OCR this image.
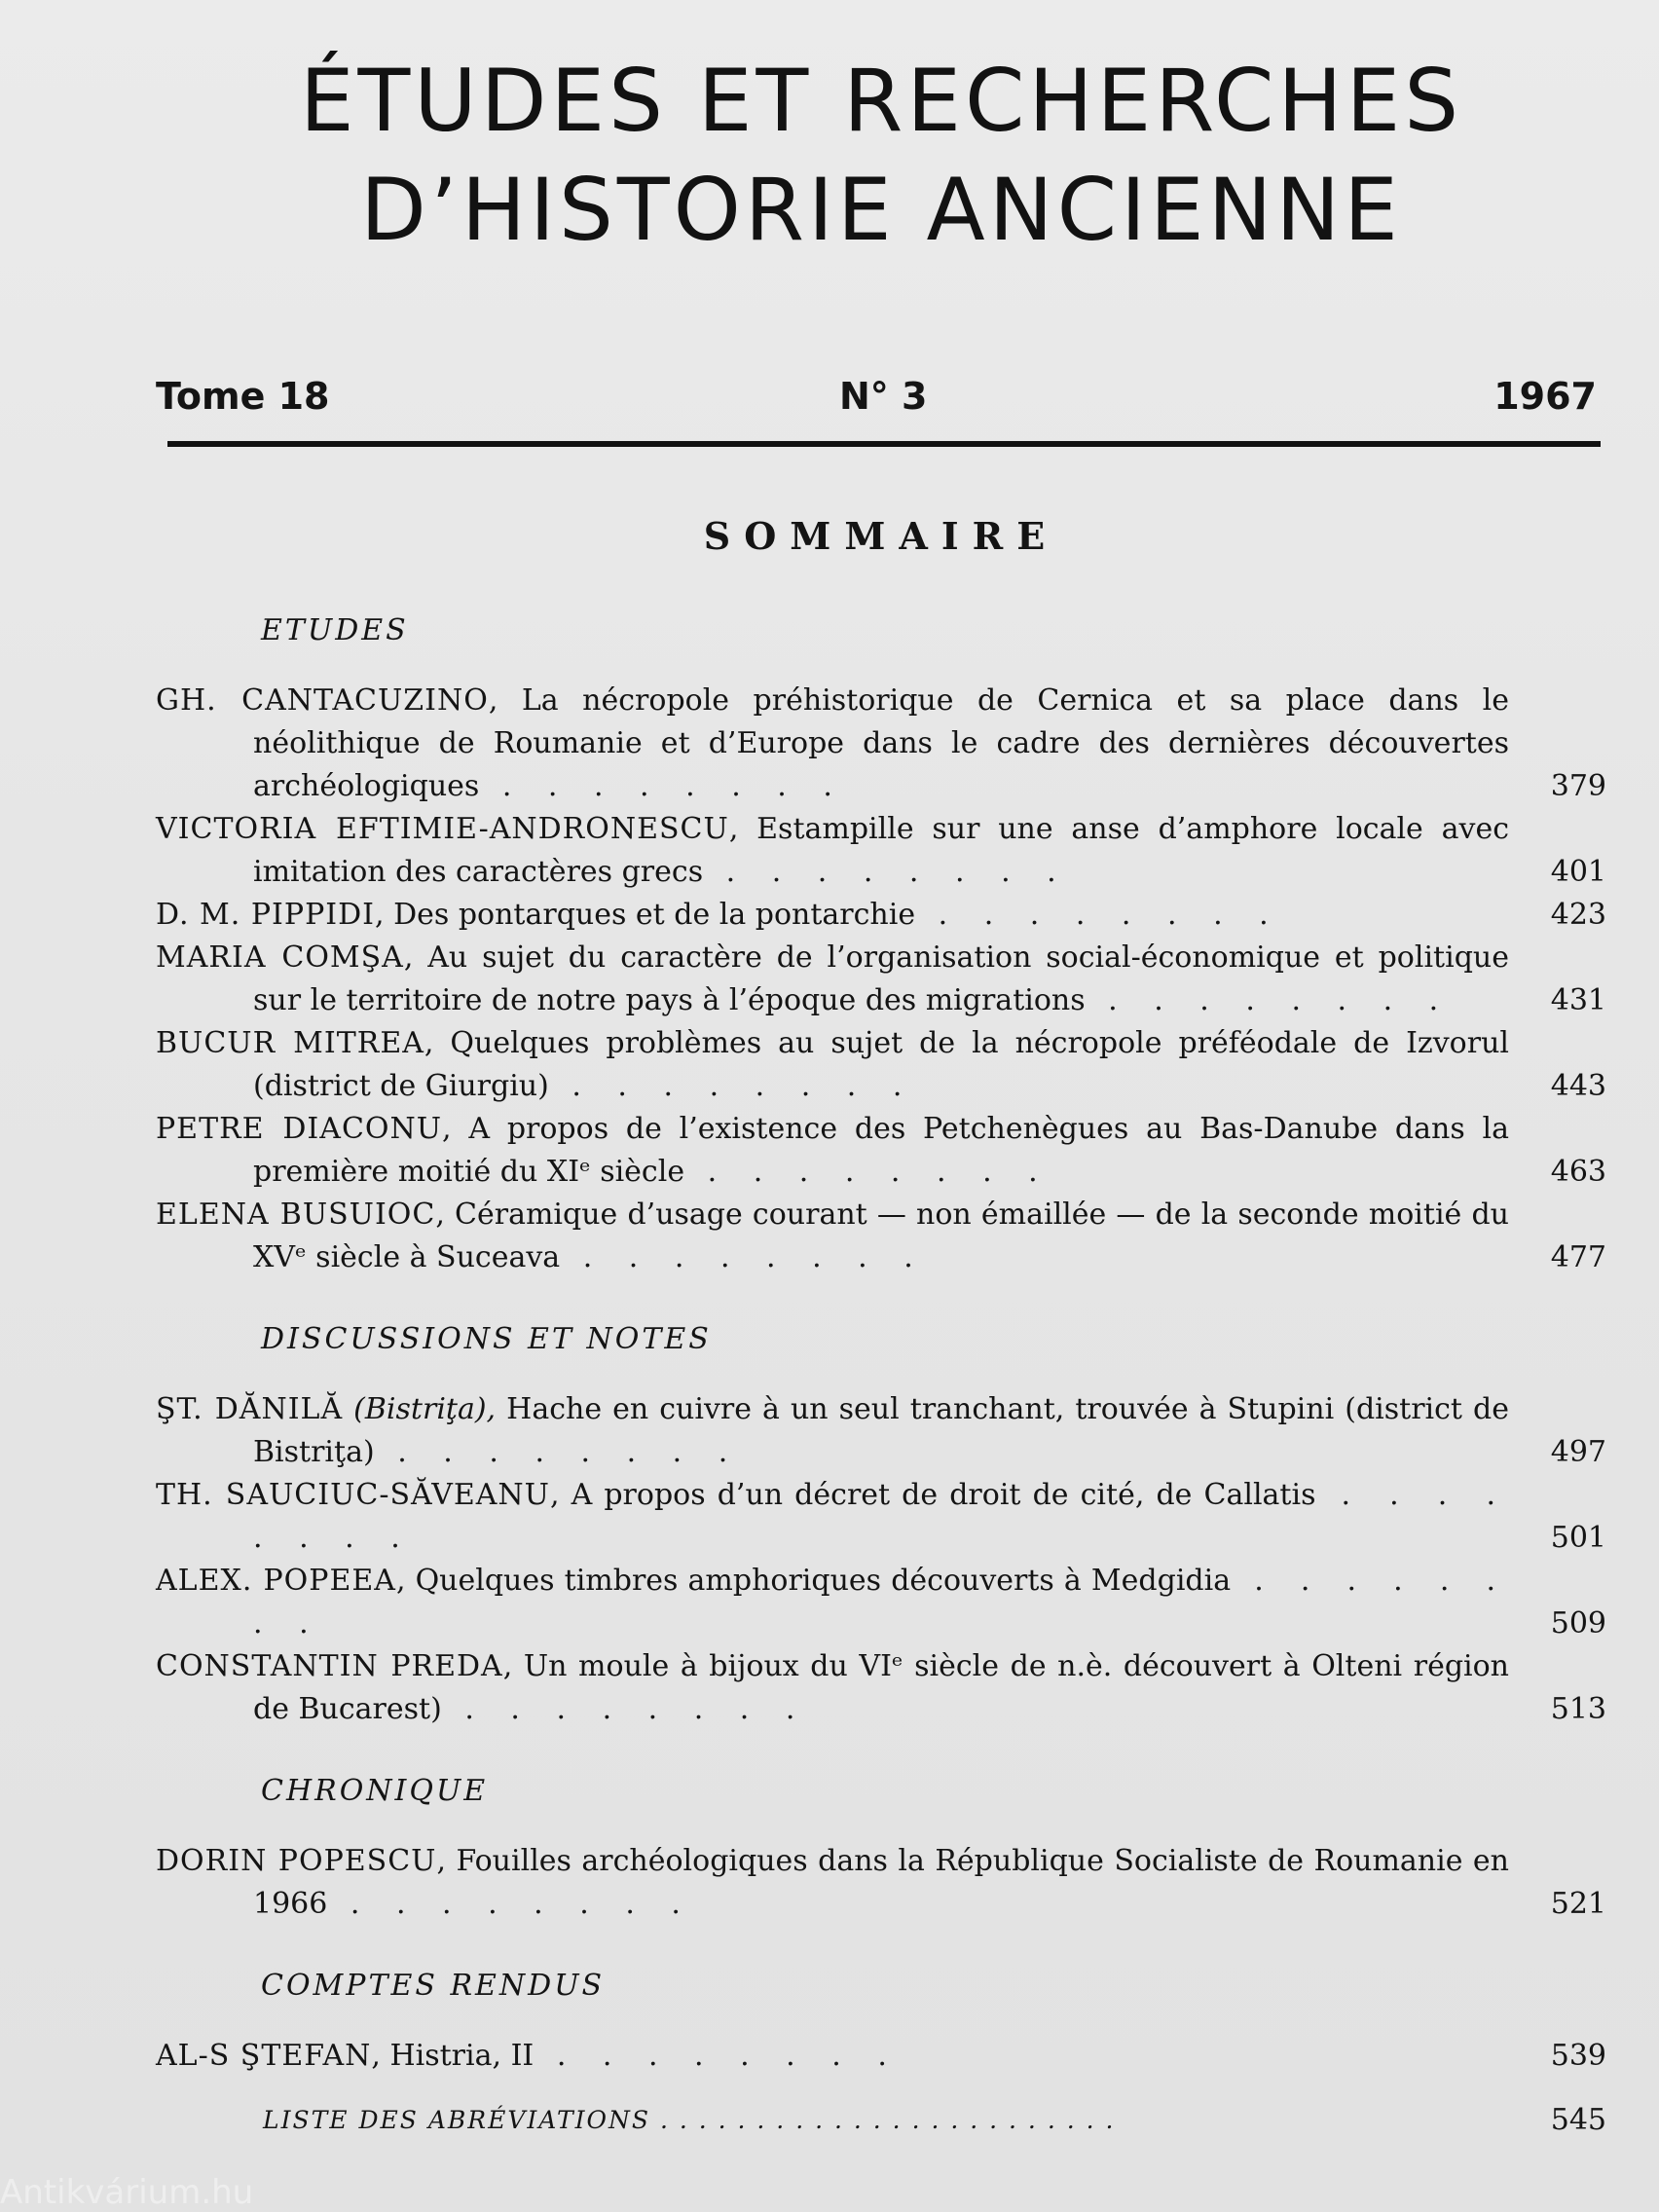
ÉTUDES ET RECHERCHES
D’HISTORIE ANCIENNE
Tome 18	N° 3	1967
SOMMAIRE
ETUDES
GH. CANTACUZINO, La nécropole préhistorique de Cernica et sa place dans le néolithique de Roumanie et d’Europe dans le cadre des dernières découvertes archéologiques . . . . . . . .	379
VICTORIA EFTIMIE-ANDRONESCU, Estampille sur une anse d’amphore locale avec imitation des caractères grecs . . . . . . . .	401
D. M. PIPPIDI, Des pontarques et de la pontarchie . . . . . . . .	423
MARIA COMŞA, Au sujet du caractère de l’organisation social-économique et politique sur le territoire de notre pays à l’époque des migrations . . . . . . . .	431
BUCUR MITREA, Quelques problèmes au sujet de la nécropole préféodale de Izvorul (district de Giurgiu) . . . . . . . .	443
PETRE DIACONU, A propos de l’existence des Petchenègues au Bas-Danube dans la première moitié du XIᵉ siècle . . . . . . . .	463
ELENA BUSUIOC, Céramique d’usage courant — non émaillée — de la seconde moitié du XVᵉ siècle à Suceava . . . . . . . .	477
DISCUSSIONS ET NOTES
ŞT. DĂNILĂ (Bistriţa), Hache en cuivre à un seul tranchant, trouvée à Stupini (district de Bistriţa) . . . . . . . .	497
TH. SAUCIUC-SĂVEANU, A propos d’un décret de droit de cité, de Callatis . . . . . . . .	501
ALEX. POPEEA, Quelques timbres amphoriques découverts à Medgidia . . . . . . . .	509
CONSTANTIN PREDA, Un moule à bijoux du VIᵉ siècle de n.è. découvert à Olteni région de Bucarest) . . . . . . . .	513
CHRONIQUE
DORIN POPESCU, Fouilles archéologiques dans la République Socialiste de Roumanie en 1966 . . . . . . . .	521
COMPTES RENDUS
AL-S ŞTEFAN, Histria, II . . . . . . . .	539
LISTE DES ABRÉVIATIONS . . . . . . . . . . . . . . . . . . . . . . . .	545
Antikvárium.hu
